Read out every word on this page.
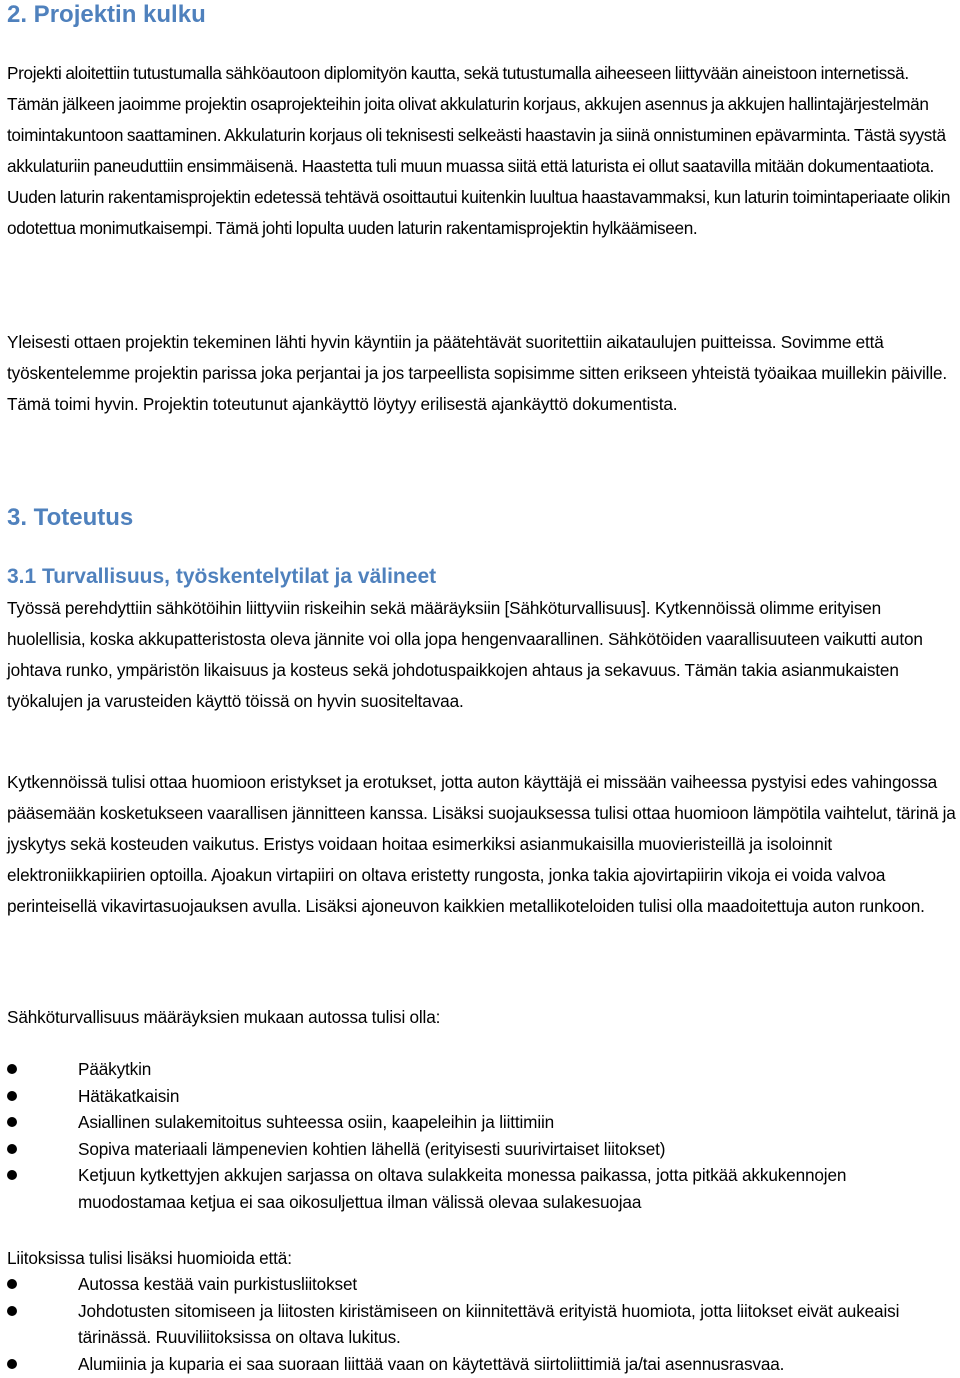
2. Projektin kulku

Projekti aloitettiin tutustumalla sähköautoon diplomityön kautta, sekä tutustumalla aiheeseen liittyvään aineistoon internetissä. Tämän jälkeen jaoimme projektin osaprojekteihin joita olivat akkulaturin korjaus, akkujen asennus ja akkujen hallintajärjestelmän toimintakuntoon saattaminen. Akkulaturin korjaus oli teknisesti selkeästi haastavin ja siinä onnistuminen epävarminta. Tästä syystä akkulaturiin paneuduttiin ensimmäisenä. Haastetta tuli muun muassa siitä että laturista ei ollut saatavilla mitään dokumentaatiota. Uuden laturin rakentamisprojektin edetessä tehtävä osoittautui kuitenkin luultua haastavammaksi, kun laturin toimintaperiaate olikin odotettua monimutkaisempi. Tämä johti lopulta uuden laturin rakentamisprojektin hylkäämiseen.

Yleisesti ottaen projektin tekeminen lähti hyvin käyntiin ja päätehtävät suoritettiin aikataulujen puitteissa. Sovimme että työskentelemme projektin parissa joka perjantai ja jos tarpeellista sopisimme sitten erikseen yhteistä työaikaa muillekin päiville. Tämä toimi hyvin. Projektin toteutunut ajankäyttö löytyy erilisestä ajankäyttö dokumentista.

3. Toteutus
3.1 Turvallisuus, työskentelytilat ja välineet

Työssä perehdyttiin sähkötöihin liittyviin riskeihin sekä määräyksiin [Sähköturvallisuus]. Kytkennöissä olimme erityisen huolellisia, koska akkupatteristosta oleva jännite voi olla jopa hengenvaarallinen. Sähkötöiden vaarallisuuteen vaikutti auton johtava runko, ympäristön likaisuus ja kosteus sekä johdotuspaikkojen ahtaus ja sekavuus. Tämän takia asianmukaisten työkalujen ja varusteiden käyttö töissä on hyvin suositeltavaa.

Kytkennöissä tulisi ottaa huomioon eristykset ja erotukset, jotta auton käyttäjä ei missään vaiheessa pystyisi edes vahingossa pääsemään kosketukseen vaarallisen jännitteen kanssa. Lisäksi suojauksessa tulisi ottaa huomioon lämpötila vaihtelut, tärinä ja jyskytys sekä kosteuden vaikutus. Eristys voidaan hoitaa esimerkiksi asianmukaisilla muovieristeillä ja isoloinnit elektroniikkapiirien optoilla. Ajoakun virtapiiri on oltava eristetty rungosta, jonka takia ajovirtapiirin vikoja ei voida valvoa perinteisellä vikavirtasuojauksen avulla. Lisäksi ajoneuvon kaikkien metallikoteloiden tulisi olla maadoitettuja auton runkoon.

Sähköturvallisuus määräyksien mukaan autossa tulisi olla:

Pääkytkin
Hätäkatkaisin
Asiallinen sulakemitoitus suhteessa osiin, kaapeleihin ja liittimiin
Sopiva materiaali lämpenevien kohtien lähellä (erityisesti suurivirtaiset liitokset)
Ketjuun kytkettyjen akkujen sarjassa on oltava sulakkeita monessa paikassa, jotta pitkää akkukennojen muodostamaa ketjua ei saa oikosuljettua ilman välissä olevaa sulakesuojaa

Liitoksissa tulisi lisäksi huomioida että:

Autossa kestää vain purkistusliitokset
Johdotusten sitomiseen ja liitosten kiristämiseen on kiinnitettävä erityistä huomiota, jotta liitokset eivät aukeaisi tärinässä. Ruuviliitoksissa on oltava lukitus.
Alumiinia ja kuparia ei saa suoraan liittää vaan on käytettävä siirtoliittimiä ja/tai asennusrasvaa.
